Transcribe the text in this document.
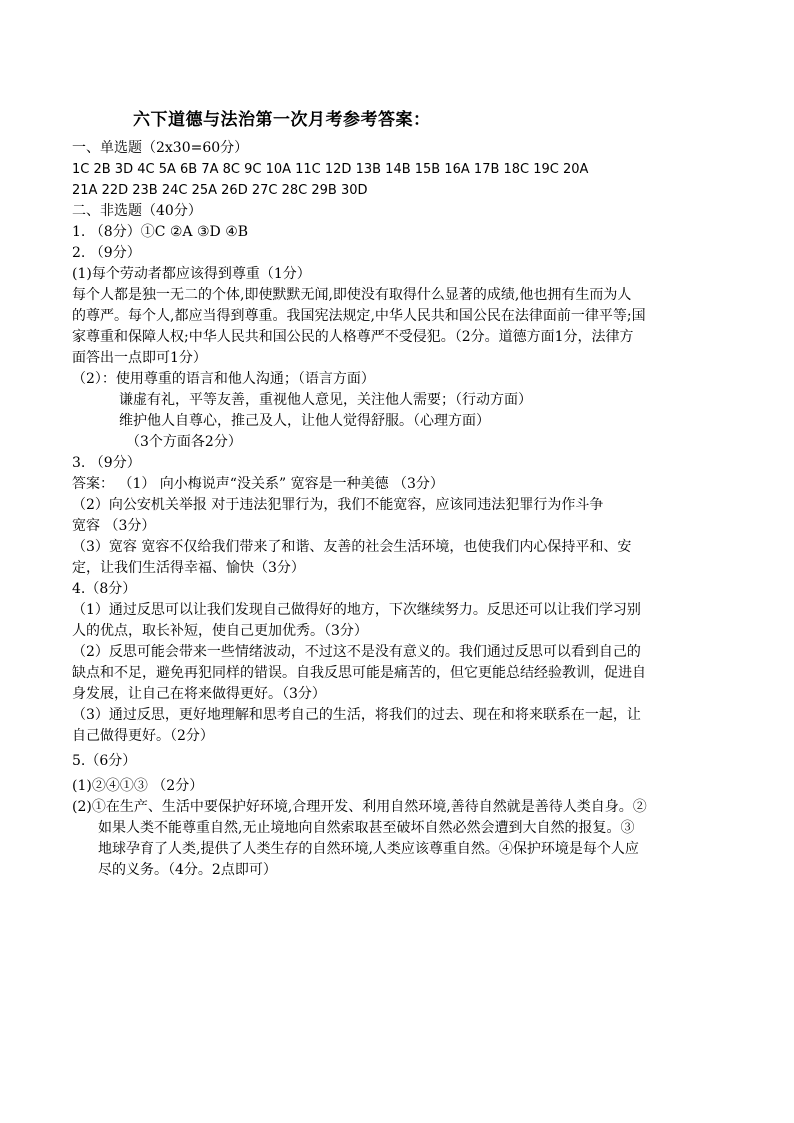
六下道德与法治第一次月考参考答案：
一、单选题（2x30=60分）
1C 2B 3D 4C 5A 6B 7A 8C 9C 10A 11C 12D 13B 14B 15B 16A 17B 18C 19C 20A
21A 22D 23B 24C 25A 26D 27C 28C 29B 30D
二、非选题（40分）
1. （8分）①C ②A ③D ④B
2. （9分）
(1)每个劳动者都应该得到尊重（1分）
每个人都是独一无二的个体,即使默默无闻,即使没有取得什么显著的成绩,他也拥有生而为人
的尊严。每个人,都应当得到尊重。我国宪法规定,中华人民共和国公民在法律面前一律平等;国
家尊重和保障人权;中华人民共和国公民的人格尊严不受侵犯。（2分。道德方面1分，法律方
面答出一点即可1分）
（2）：使用尊重的语言和他人沟通；（语言方面）
谦虚有礼，平等友善，重视他人意见，关注他人需要；（行动方面）
维护他人自尊心，推己及人，让他人觉得舒服。（心理方面）
（3个方面各2分）
3. （9分）
答案： （1） 向小梅说声“没关系” 宽容是一种美德 （3分）
（2）向公安机关举报 对于违法犯罪行为，我们不能宽容，应该同违法犯罪行为作斗争
宽容 （3分）
（3）宽容 宽容不仅给我们带来了和谐、友善的社会生活环境，也使我们内心保持平和、安
定，让我们生活得幸福、愉快（3分）
4.（8分）
（1）通过反思可以让我们发现自己做得好的地方，下次继续努力。反思还可以让我们学习别
人的优点，取长补短，使自己更加优秀。（3分）
（2）反思可能会带来一些情绪波动，不过这不是没有意义的。我们通过反思可以看到自己的
缺点和不足，避免再犯同样的错误。自我反思可能是痛苦的，但它更能总结经验教训，促进自
身发展，让自己在将来做得更好。（3分）
（3）通过反思，更好地理解和思考自己的生活，将我们的过去、现在和将来联系在一起，让
自己做得更好。（2分）
5.（6分）
(1)②④①③ （2分）
(2)①在生产、生活中要保护好环境,合理开发、利用自然环境,善待自然就是善待人类自身。②
如果人类不能尊重自然,无止境地向自然索取甚至破坏自然必然会遭到大自然的报复。③
地球孕育了人类,提供了人类生存的自然环境,人类应该尊重自然。④保护环境是每个人应
尽的义务。（4分。2点即可）
